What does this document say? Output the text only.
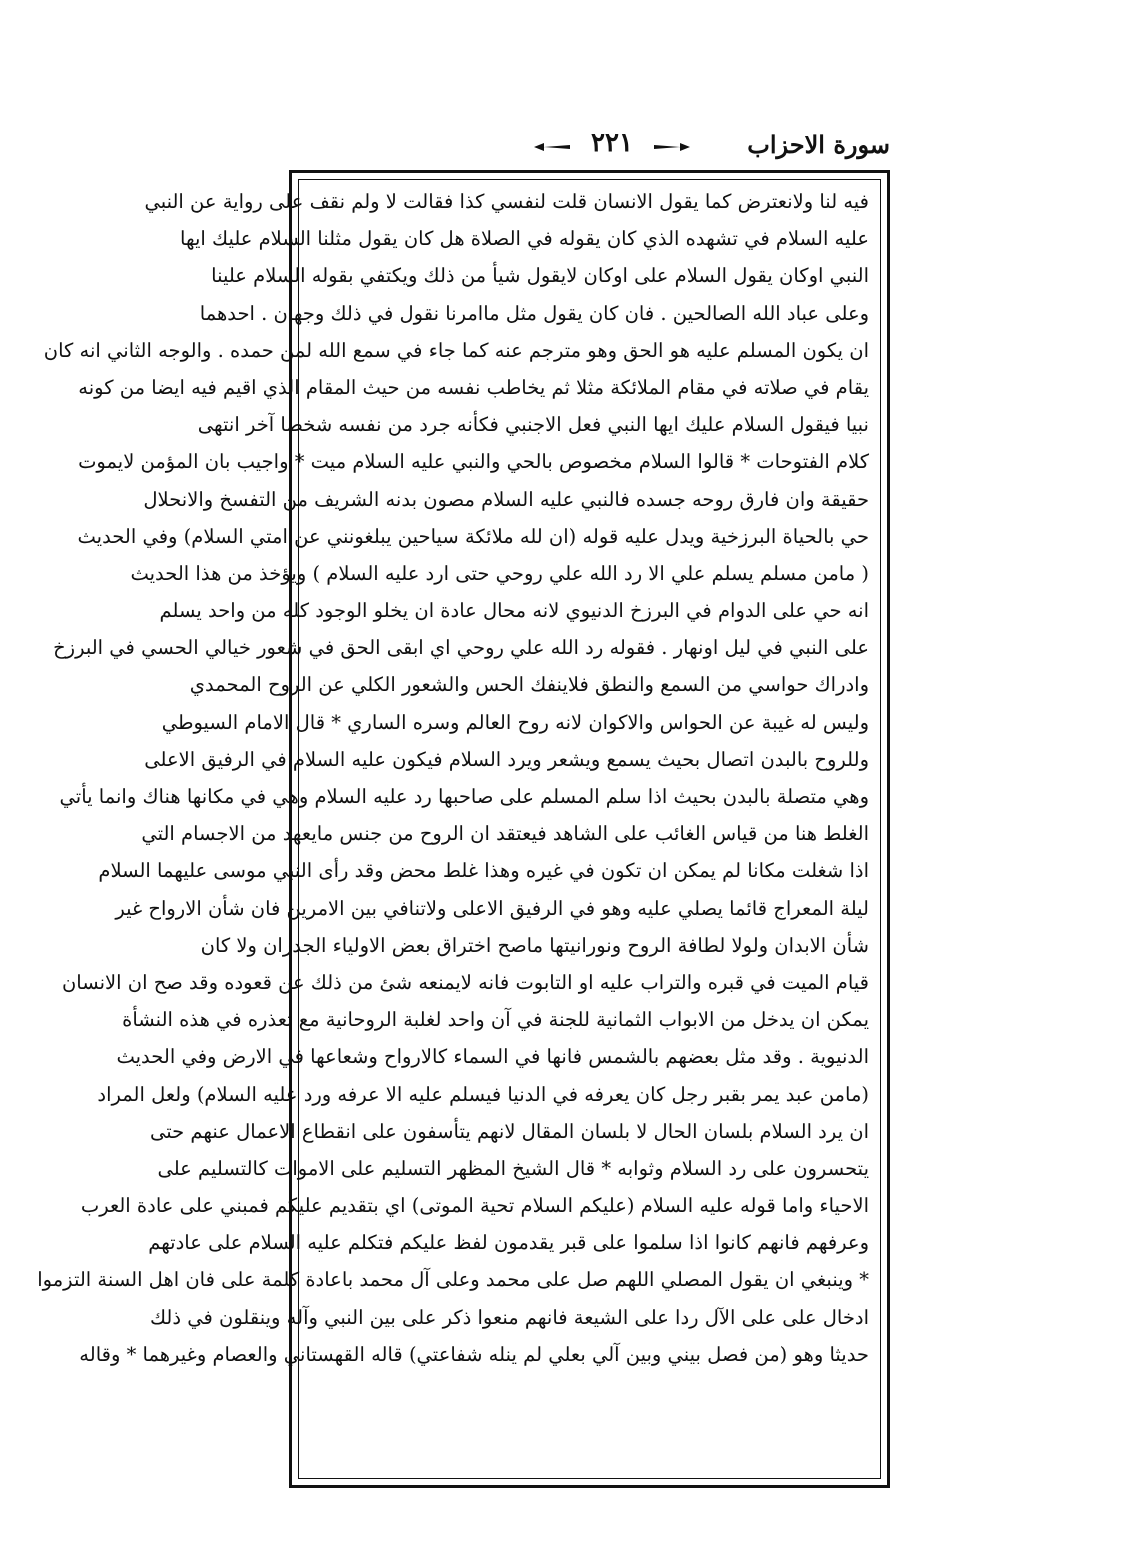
سورة الاحزاب
٢٢١
فيه لنا ولانعترض كما يقول الانسان قلت لنفسي كذا فقالت لا ولم نقف على رواية عن النبي
عليه السلام في تشهده الذي كان يقوله في الصلاة هل كان يقول مثلنا السلام عليك ايها
النبي اوكان يقول السلام على اوكان لايقول شيأ من ذلك ويكتفي بقوله السلام علينا
وعلى عباد الله الصالحين . فان كان يقول مثل ماامرنا نقول في ذلك وجهان . احدهما
ان يكون المسلم عليه هو الحق وهو مترجم عنه كما جاء في سمع الله لمن حمده . والوجه الثاني انه كان
يقام في صلاته في مقام الملائكة مثلا ثم يخاطب نفسه من حيث المقام الذي اقيم فيه ايضا من كونه
نبيا فيقول السلام عليك ايها النبي فعل الاجنبي فكأنه جرد من نفسه شخصا آخر انتهى
كلام الفتوحات * قالوا السلام مخصوص بالحي والنبي عليه السلام ميت * واجيب بان المؤمن لايموت
حقيقة وان فارق روحه جسده فالنبي عليه السلام مصون بدنه الشريف من التفسخ والانحلال
حي بالحياة البرزخية ويدل عليه قوله (ان لله ملائكة سياحين يبلغونني عن امتي السلام) وفي الحديث
( مامن مسلم يسلم علي الا رد الله علي روحي حتى ارد عليه السلام ) ويؤخذ من هذا الحديث
انه حي على الدوام في البرزخ الدنيوي لانه محال عادة ان يخلو الوجود كله من واحد يسلم
على النبي في ليل اونهار . فقوله رد الله علي روحي اي ابقى الحق في شعور خيالي الحسي في البرزخ
وادراك حواسي من السمع والنطق فلاينفك الحس والشعور الكلي عن الروح المحمدي
وليس له غيبة عن الحواس والاكوان لانه روح العالم وسره الساري * قال الامام السيوطي
وللروح بالبدن اتصال بحيث يسمع ويشعر ويرد السلام فيكون عليه السلام في الرفيق الاعلى
وهي متصلة بالبدن بحيث اذا سلم المسلم على صاحبها رد عليه السلام وهي في مكانها هناك وانما يأتي
الغلط هنا من قياس الغائب على الشاهد فيعتقد ان الروح من جنس مايعهد من الاجسام التي
اذا شغلت مكانا لم يمكن ان تكون في غيره وهذا غلط محض وقد رأى النبي موسى عليهما السلام
ليلة المعراج قائما يصلي عليه وهو في الرفيق الاعلى ولاتنافي بين الامرين فان شأن الارواح غير
شأن الابدان ولولا لطافة الروح ونورانيتها ماصح اختراق بعض الاولياء الجدران ولا كان
قيام الميت في قبره والتراب عليه او التابوت فانه لايمنعه شئ من ذلك عن قعوده وقد صح ان الانسان
يمكن ان يدخل من الابواب الثمانية للجنة في آن واحد لغلبة الروحانية مع تعذره في هذه النشأة
الدنيوية . وقد مثل بعضهم بالشمس فانها في السماء كالارواح وشعاعها في الارض وفي الحديث
(مامن عبد يمر بقبر رجل كان يعرفه في الدنيا فيسلم عليه الا عرفه ورد عليه السلام) ولعل المراد
ان يرد السلام بلسان الحال لا بلسان المقال لانهم يتأسفون على انقطاع الاعمال عنهم حتى
يتحسرون على رد السلام وثوابه * قال الشيخ المظهر التسليم على الاموات كالتسليم على
الاحياء واما قوله عليه السلام (عليكم السلام تحية الموتى) اي بتقديم عليكم فمبني على عادة العرب
وعرفهم فانهم كانوا اذا سلموا على قبر يقدمون لفظ عليكم فتكلم عليه السلام على عادتهم
* وينبغي ان يقول المصلي اللهم صل على محمد وعلى آل محمد باعادة كلمة على فان اهل السنة التزموا
ادخال على على الآل ردا على الشيعة فانهم منعوا ذكر على بين النبي وآله وينقلون في ذلك
حديثا وهو (من فصل بيني وبين آلي بعلي لم ينله شفاعتي) قاله القهستاني والعصام وغيرهما * وقاله
